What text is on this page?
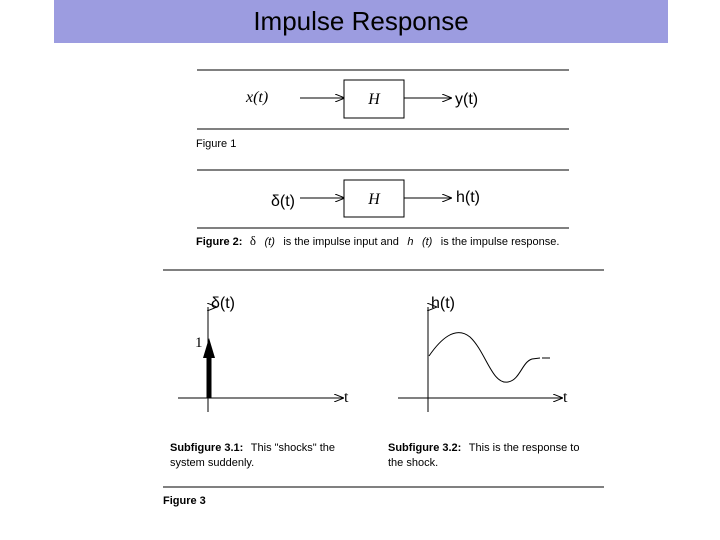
Impulse Response
x(t)	H	y(t)
Figure 1
δ(t)	H	h(t)
Figure 2: δ (t) is the impulse input and h (t) is the impulse response.
δ(t)
t
1
h(t)
t
Subfigure 3.1: This "shocks" the
system suddenly.
Subfigure 3.2: This is the response to
the shock.
Figure 3
